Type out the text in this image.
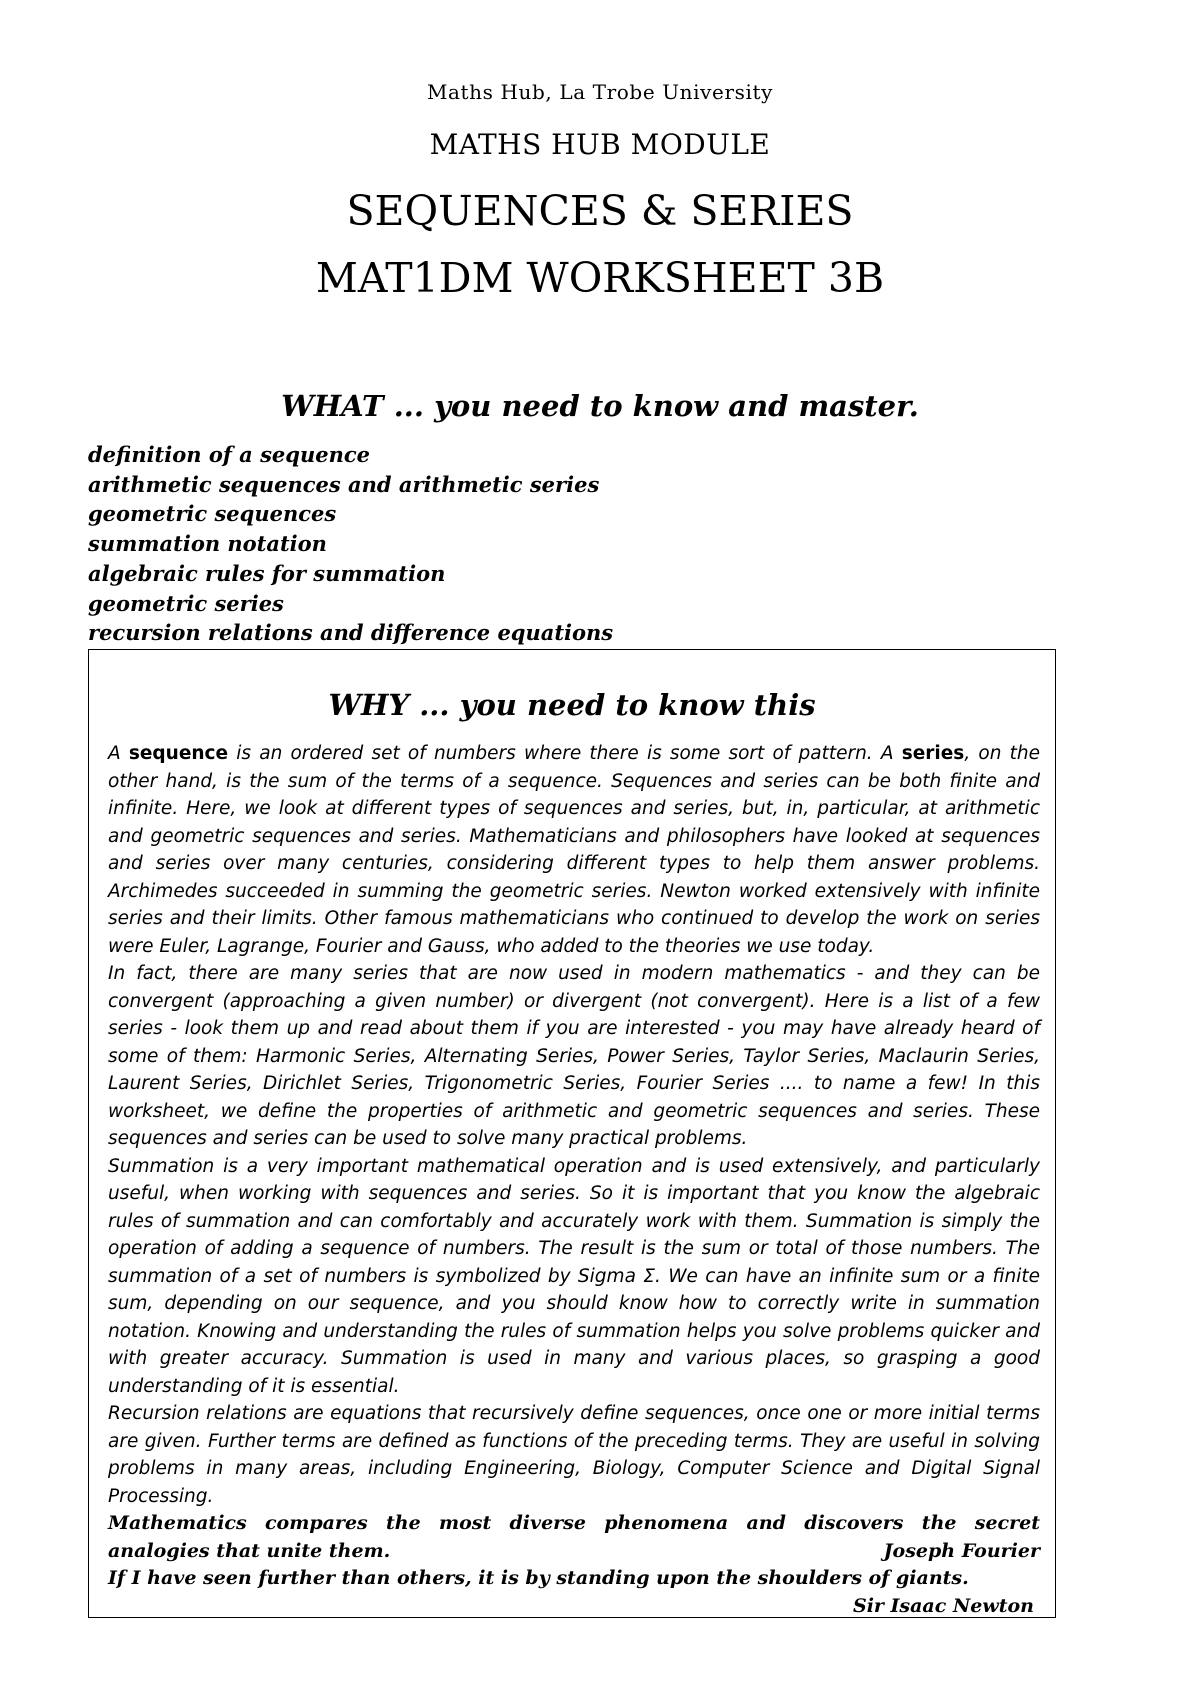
Maths Hub, La Trobe University
MATHS HUB MODULE
SEQUENCES & SERIES
MAT1DM WORKSHEET 3B
WHAT ... you need to know and master.
definition of a sequence
arithmetic sequences and arithmetic series
geometric sequences
summation notation
algebraic rules for summation
geometric series
recursion relations and difference equations
WHY ... you need to know this

A sequence is an ordered set of numbers where there is some sort of pattern. A series, on the other hand, is the sum of the terms of a sequence. Sequences and series can be both finite and infinite. Here, we look at different types of sequences and series, but, in, particular, at arithmetic and geometric sequences and series. Mathematicians and philosophers have looked at sequences and series over many centuries, considering different types to help them answer problems. Archimedes succeeded in summing the geometric series. Newton worked extensively with infinite series and their limits. Other famous mathematicians who continued to develop the work on series were Euler, Lagrange, Fourier and Gauss, who added to the theories we use today.

In fact, there are many series that are now used in modern mathematics - and they can be convergent (approaching a given number) or divergent (not convergent). Here is a list of a few series - look them up and read about them if you are interested - you may have already heard of some of them: Harmonic Series, Alternating Series, Power Series, Taylor Series, Maclaurin Series, Laurent Series, Dirichlet Series, Trigonometric Series, Fourier Series .... to name a few! In this worksheet, we define the properties of arithmetic and geometric sequences and series. These sequences and series can be used to solve many practical problems.

Summation is a very important mathematical operation and is used extensively, and particularly useful, when working with sequences and series. So it is important that you know the algebraic rules of summation and can comfortably and accurately work with them. Summation is simply the operation of adding a sequence of numbers. The result is the sum or total of those numbers. The summation of a set of numbers is symbolized by Sigma Σ. We can have an infinite sum or a finite sum, depending on our sequence, and you should know how to correctly write in summation notation. Knowing and understanding the rules of summation helps you solve problems quicker and with greater accuracy. Summation is used in many and various places, so grasping a good understanding of it is essential.

Recursion relations are equations that recursively define sequences, once one or more initial terms are given. Further terms are defined as functions of the preceding terms. They are useful in solving problems in many areas, including Engineering, Biology, Computer Science and Digital Signal Processing.

Mathematics compares the most diverse phenomena and discovers the secret analogies that unite them.	Joseph Fourier

If I have seen further than others, it is by standing upon the shoulders of giants.

Sir Isaac Newton
